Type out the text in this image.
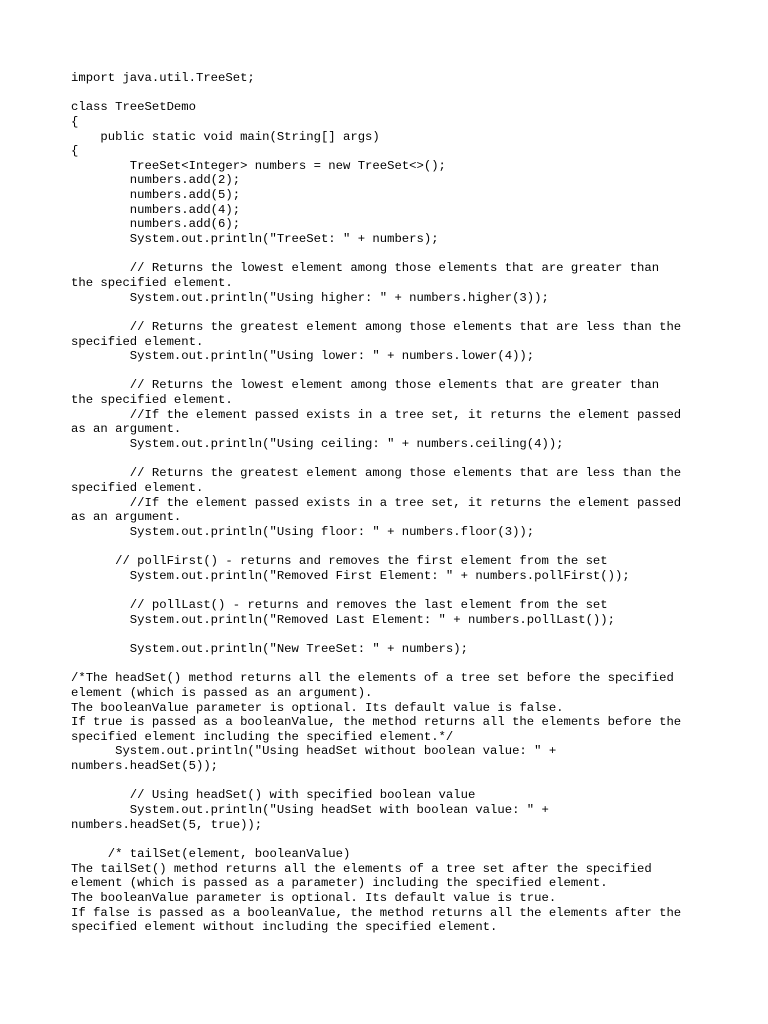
import java.util.TreeSet;
class TreeSetDemo
{
public static void main(String[] args)
{
TreeSet<Integer> numbers = new TreeSet<>();
numbers.add(2);
numbers.add(5);
numbers.add(4);
numbers.add(6);
System.out.println("TreeSet: " + numbers);
// Returns the lowest element among those elements that are greater than
the specified element.
System.out.println("Using higher: " + numbers.higher(3));
// Returns the greatest element among those elements that are less than the
specified element.
System.out.println("Using lower: " + numbers.lower(4));
// Returns the lowest element among those elements that are greater than
the specified element.
//If the element passed exists in a tree set, it returns the element passed
as an argument.
System.out.println("Using ceiling: " + numbers.ceiling(4));
// Returns the greatest element among those elements that are less than the
specified element.
//If the element passed exists in a tree set, it returns the element passed
as an argument.
System.out.println("Using floor: " + numbers.floor(3));
// pollFirst() - returns and removes the first element from the set
System.out.println("Removed First Element: " + numbers.pollFirst());
// pollLast() - returns and removes the last element from the set
System.out.println("Removed Last Element: " + numbers.pollLast());
System.out.println("New TreeSet: " + numbers);
/*The headSet() method returns all the elements of a tree set before the specified
element (which is passed as an argument).
The booleanValue parameter is optional. Its default value is false.
If true is passed as a booleanValue, the method returns all the elements before the
specified element including the specified element.*/
System.out.println("Using headSet without boolean value: " +
numbers.headSet(5));
// Using headSet() with specified boolean value
System.out.println("Using headSet with boolean value: " +
numbers.headSet(5, true));
/* tailSet(element, booleanValue)
The tailSet() method returns all the elements of a tree set after the specified
element (which is passed as a parameter) including the specified element.
The booleanValue parameter is optional. Its default value is true.
If false is passed as a booleanValue, the method returns all the elements after the
specified element without including the specified element.
